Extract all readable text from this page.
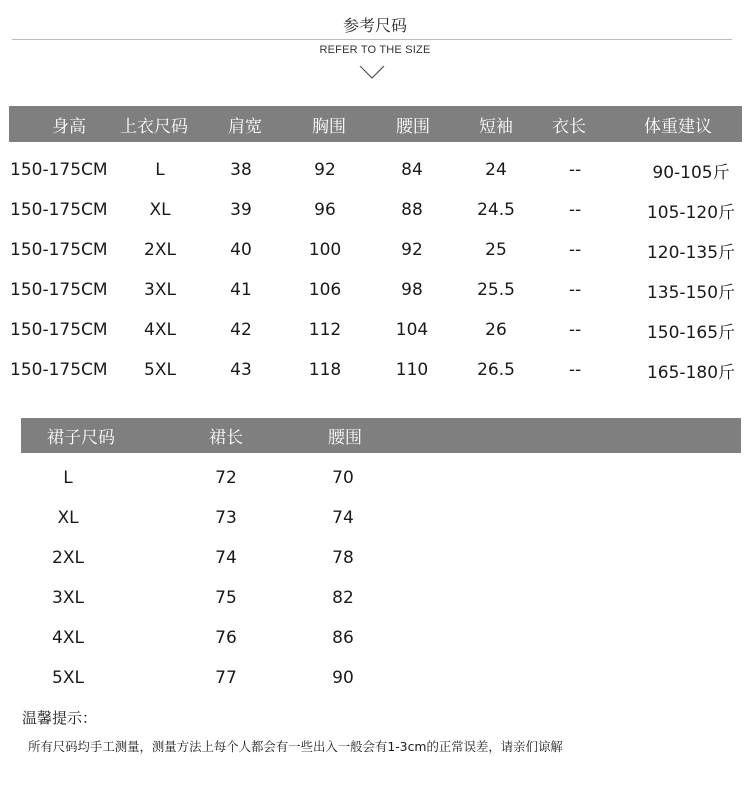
参考尺码
REFER TO THE SIZE
身高	上衣尺码	肩宽	胸围	腰围	短袖	衣长	体重建议
150-175CM	L	38	92	84	24	--	90-105斤
150-175CM	XL	39	96	88	24.5	--	105-120斤
150-175CM	2XL	40	100	92	25	--	120-135斤
150-175CM	3XL	41	106	98	25.5	--	135-150斤
150-175CM	4XL	42	112	104	26	--	150-165斤
150-175CM	5XL	43	118	110	26.5	--	165-180斤
裙子尺码	裙长	腰围
L	72	70
XL	73	74
2XL	74	78
3XL	75	82
4XL	76	86
5XL	77	90
温馨提示：
所有尺码均手工测量，测量方法上每个人都会有一些出入一般会有1-3cm的正常误差，请亲们谅解
